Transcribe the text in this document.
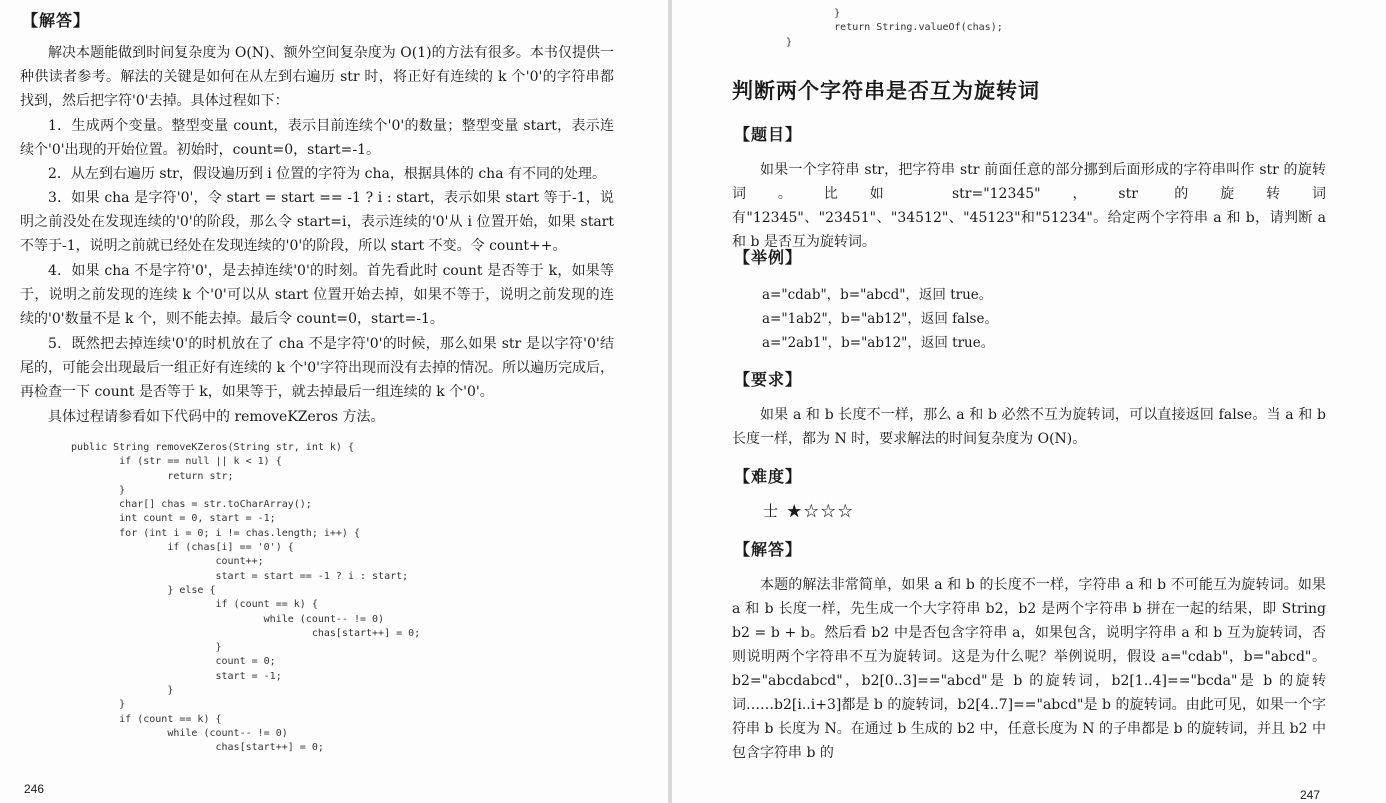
【解答】

解决本题能做到时间复杂度为 O(N)、额外空间复杂度为 O(1)的方法有很多。本书仅提供一种供读者参考。解法的关键是如何在从左到右遍历 str 时，将正好有连续的 k 个'0'的字符串都找到，然后把字符'0'去掉。具体过程如下：

1．生成两个变量。整型变量 count，表示目前连续个'0'的数量；整型变量 start，表示连续个'0'出现的开始位置。初始时，count=0，start=-1。

2．从左到右遍历 str，假设遍历到 i 位置的字符为 cha，根据具体的 cha 有不同的处理。

3．如果 cha 是字符'0'，令 start = start == -1 ? i : start，表示如果 start 等于-1，说明之前没处在发现连续的'0'的阶段，那么令 start=i，表示连续的'0'从 i 位置开始，如果 start 不等于-1，说明之前就已经处在发现连续的'0'的阶段，所以 start 不变。令 count++。

4．如果 cha 不是字符'0'，是去掉连续'0'的时刻。首先看此时 count 是否等于 k，如果等于，说明之前发现的连续 k 个'0'可以从 start 位置开始去掉，如果不等于，说明之前发现的连续的'0'数量不是 k 个，则不能去掉。最后令 count=0，start=-1。

5．既然把去掉连续'0'的时机放在了 cha 不是字符'0'的时候，那么如果 str 是以字符'0'结尾的，可能会出现最后一组正好有连续的 k 个'0'字符出现而没有去掉的情况。所以遍历完成后，再检查一下 count 是否等于 k，如果等于，就去掉最后一组连续的 k 个'0'。

具体过程请参看如下代码中的 removeKZeros 方法。

public String removeKZeros(String str, int k) {
if (str == null || k < 1) {
return str;
}
char[] chas = str.toCharArray();
int count = 0, start = -1;
for (int i = 0; i != chas.length; i++) {
if (chas[i] == '0') {
count++;
start = start == -1 ? i : start;
} else {
if (count == k) {
while (count-- != 0)
chas[start++] = 0;
}
count = 0;
start = -1;
}
}
if (count == k) {
while (count-- != 0)
chas[start++] = 0;
246
}
return String.valueOf(chas);
}
判断两个字符串是否互为旋转词
【题目】

如果一个字符串 str，把字符串 str 前面任意的部分挪到后面形成的字符串叫作 str 的旋转词。比如 str="12345"，str 的旋转词有"12345"、"23451"、"34512"、"45123"和"51234"。给定两个字符串 a 和 b，请判断 a 和 b 是否互为旋转词。

【举例】
a="cdab"，b="abcd"，返回 true。
a="1ab2"，b="ab12"，返回 false。
a="2ab1"，b="ab12"，返回 true。
【要求】

如果 a 和 b 长度不一样，那么 a 和 b 必然不互为旋转词，可以直接返回 false。当 a 和 b 长度一样，都为 N 时，要求解法的时间复杂度为 O(N)。

【难度】
士 ★☆☆☆
【解答】

本题的解法非常简单，如果 a 和 b 的长度不一样，字符串 a 和 b 不可能互为旋转词。如果 a 和 b 长度一样，先生成一个大字符串 b2，b2 是两个字符串 b 拼在一起的结果，即 String b2 = b + b。然后看 b2 中是否包含字符串 a，如果包含，说明字符串 a 和 b 互为旋转词，否则说明两个字符串不互为旋转词。这是为什么呢？举例说明，假设 a="cdab"，b="abcd"。b2="abcdabcd"，b2[0..3]=="abcd"是 b 的旋转词，b2[1..4]=="bcda"是 b 的旋转词……b2[i..i+3]都是 b 的旋转词，b2[4..7]=="abcd"是 b 的旋转词。由此可见，如果一个字符串 b 长度为 N。在通过 b 生成的 b2 中，任意长度为 N 的子串都是 b 的旋转词，并且 b2 中包含字符串 b 的

247
